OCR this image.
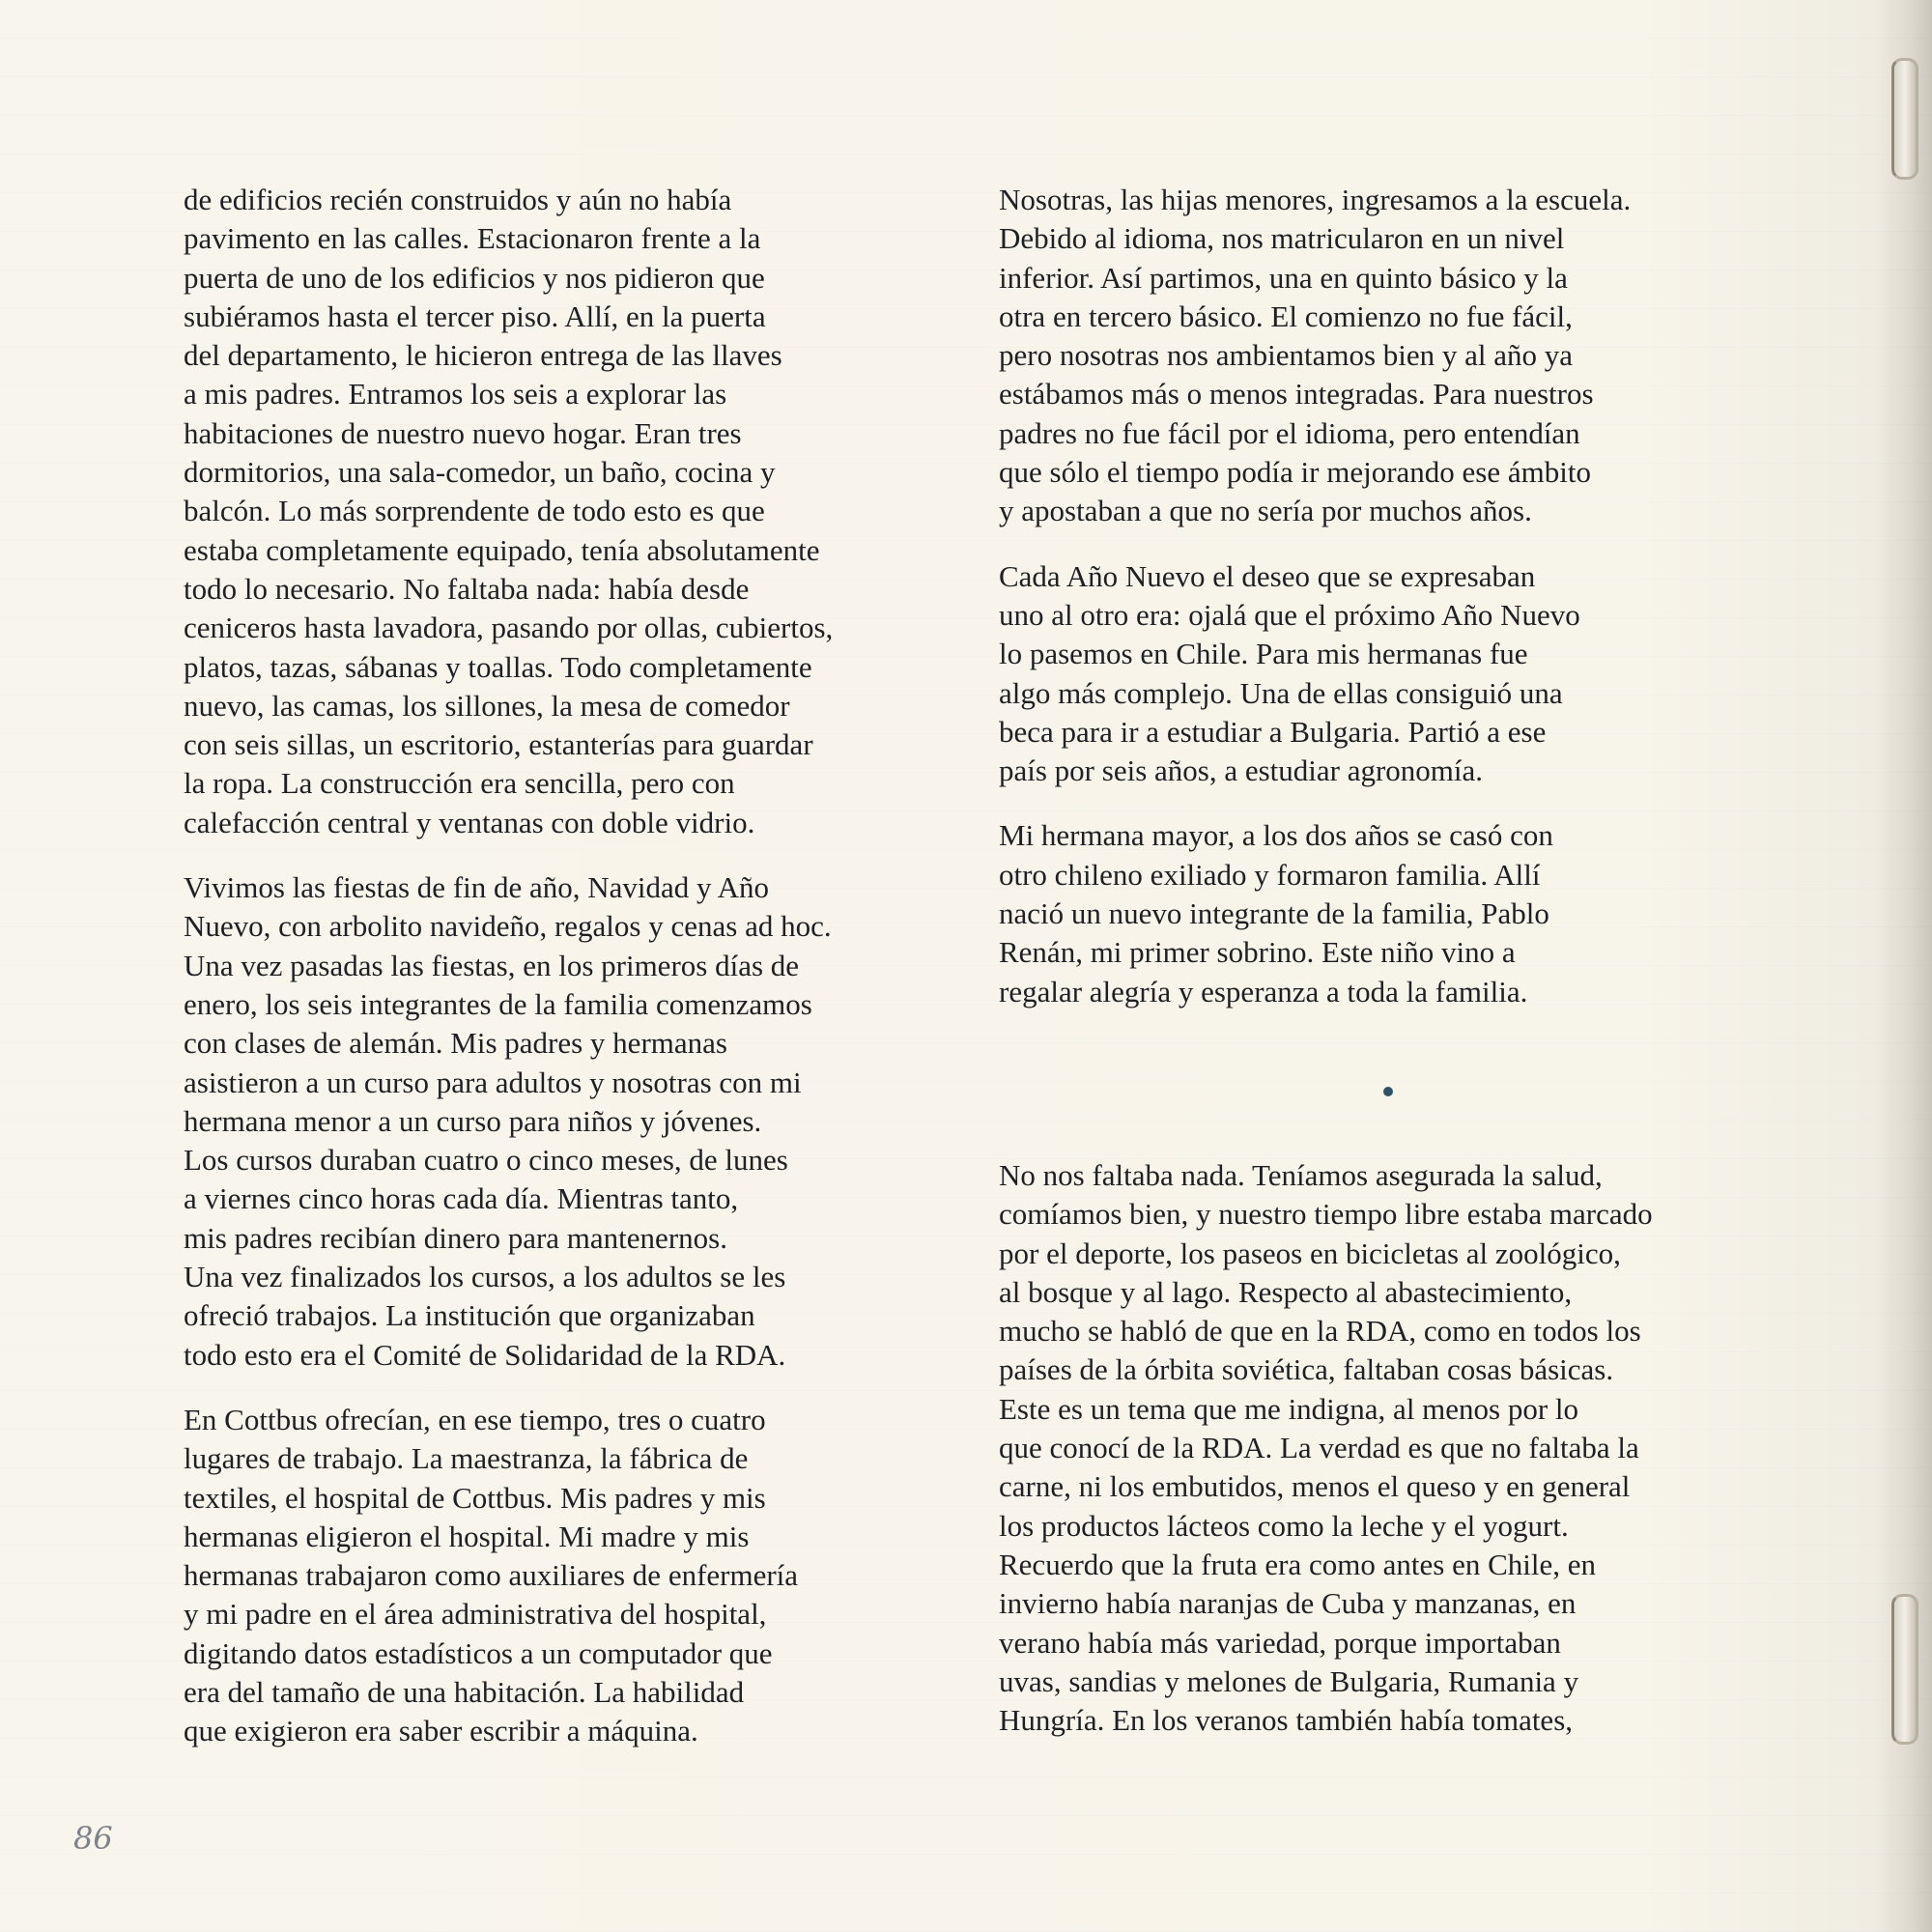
de edificios recién construidos y aún no había
pavimento en las calles. Estacionaron frente a la
puerta de uno de los edificios y nos pidieron que
subiéramos hasta el tercer piso. Allí, en la puerta
del departamento, le hicieron entrega de las llaves
a mis padres. Entramos los seis a explorar las
habitaciones de nuestro nuevo hogar. Eran tres
dormitorios, una sala-comedor, un baño, cocina y
balcón. Lo más sorprendente de todo esto es que
estaba completamente equipado, tenía absolutamente
todo lo necesario. No faltaba nada: había desde
ceniceros hasta lavadora, pasando por ollas, cubiertos,
platos, tazas, sábanas y toallas. Todo completamente
nuevo, las camas, los sillones, la mesa de comedor
con seis sillas, un escritorio, estanterías para guardar
la ropa. La construcción era sencilla, pero con
calefacción central y ventanas con doble vidrio.
Vivimos las fiestas de fin de año, Navidad y Año
Nuevo, con arbolito navideño, regalos y cenas ad hoc.
Una vez pasadas las fiestas, en los primeros días de
enero, los seis integrantes de la familia comenzamos
con clases de alemán. Mis padres y hermanas
asistieron a un curso para adultos y nosotras con mi
hermana menor a un curso para niños y jóvenes.
Los cursos duraban cuatro o cinco meses, de lunes
a viernes cinco horas cada día. Mientras tanto,
mis padres recibían dinero para mantenernos.
Una vez finalizados los cursos, a los adultos se les
ofreció trabajos. La institución que organizaban
todo esto era el Comité de Solidaridad de la RDA.
En Cottbus ofrecían, en ese tiempo, tres o cuatro
lugares de trabajo. La maestranza, la fábrica de
textiles, el hospital de Cottbus. Mis padres y mis
hermanas eligieron el hospital. Mi madre y mis
hermanas trabajaron como auxiliares de enfermería
y mi padre en el área administrativa del hospital,
digitando datos estadísticos a un computador que
era del tamaño de una habitación. La habilidad
que exigieron era saber escribir a máquina.
Nosotras, las hijas menores, ingresamos a la escuela.
Debido al idioma, nos matricularon en un nivel
inferior. Así partimos, una en quinto básico y la
otra en tercero básico. El comienzo no fue fácil,
pero nosotras nos ambientamos bien y al año ya
estábamos más o menos integradas. Para nuestros
padres no fue fácil por el idioma, pero entendían
que sólo el tiempo podía ir mejorando ese ámbito
y apostaban a que no sería por muchos años.
Cada Año Nuevo el deseo que se expresaban
uno al otro era: ojalá que el próximo Año Nuevo
lo pasemos en Chile. Para mis hermanas fue
algo más complejo. Una de ellas consiguió una
beca para ir a estudiar a Bulgaria. Partió a ese
país por seis años, a estudiar agronomía.
Mi hermana mayor, a los dos años se casó con
otro chileno exiliado y formaron familia. Allí
nació un nuevo integrante de la familia, Pablo
Renán, mi primer sobrino. Este niño vino a
regalar alegría y esperanza a toda la familia.
No nos faltaba nada. Teníamos asegurada la salud,
comíamos bien, y nuestro tiempo libre estaba marcado
por el deporte, los paseos en bicicletas al zoológico,
al bosque y al lago. Respecto al abastecimiento,
mucho se habló de que en la RDA, como en todos los
países de la órbita soviética, faltaban cosas básicas.
Este es un tema que me indigna, al menos por lo
que conocí de la RDA. La verdad es que no faltaba la
carne, ni los embutidos, menos el queso y en general
los productos lácteos como la leche y el yogurt.
Recuerdo que la fruta era como antes en Chile, en
invierno había naranjas de Cuba y manzanas, en
verano había más variedad, porque importaban
uvas, sandias y melones de Bulgaria, Rumania y
Hungría. En los veranos también había tomates,
86
